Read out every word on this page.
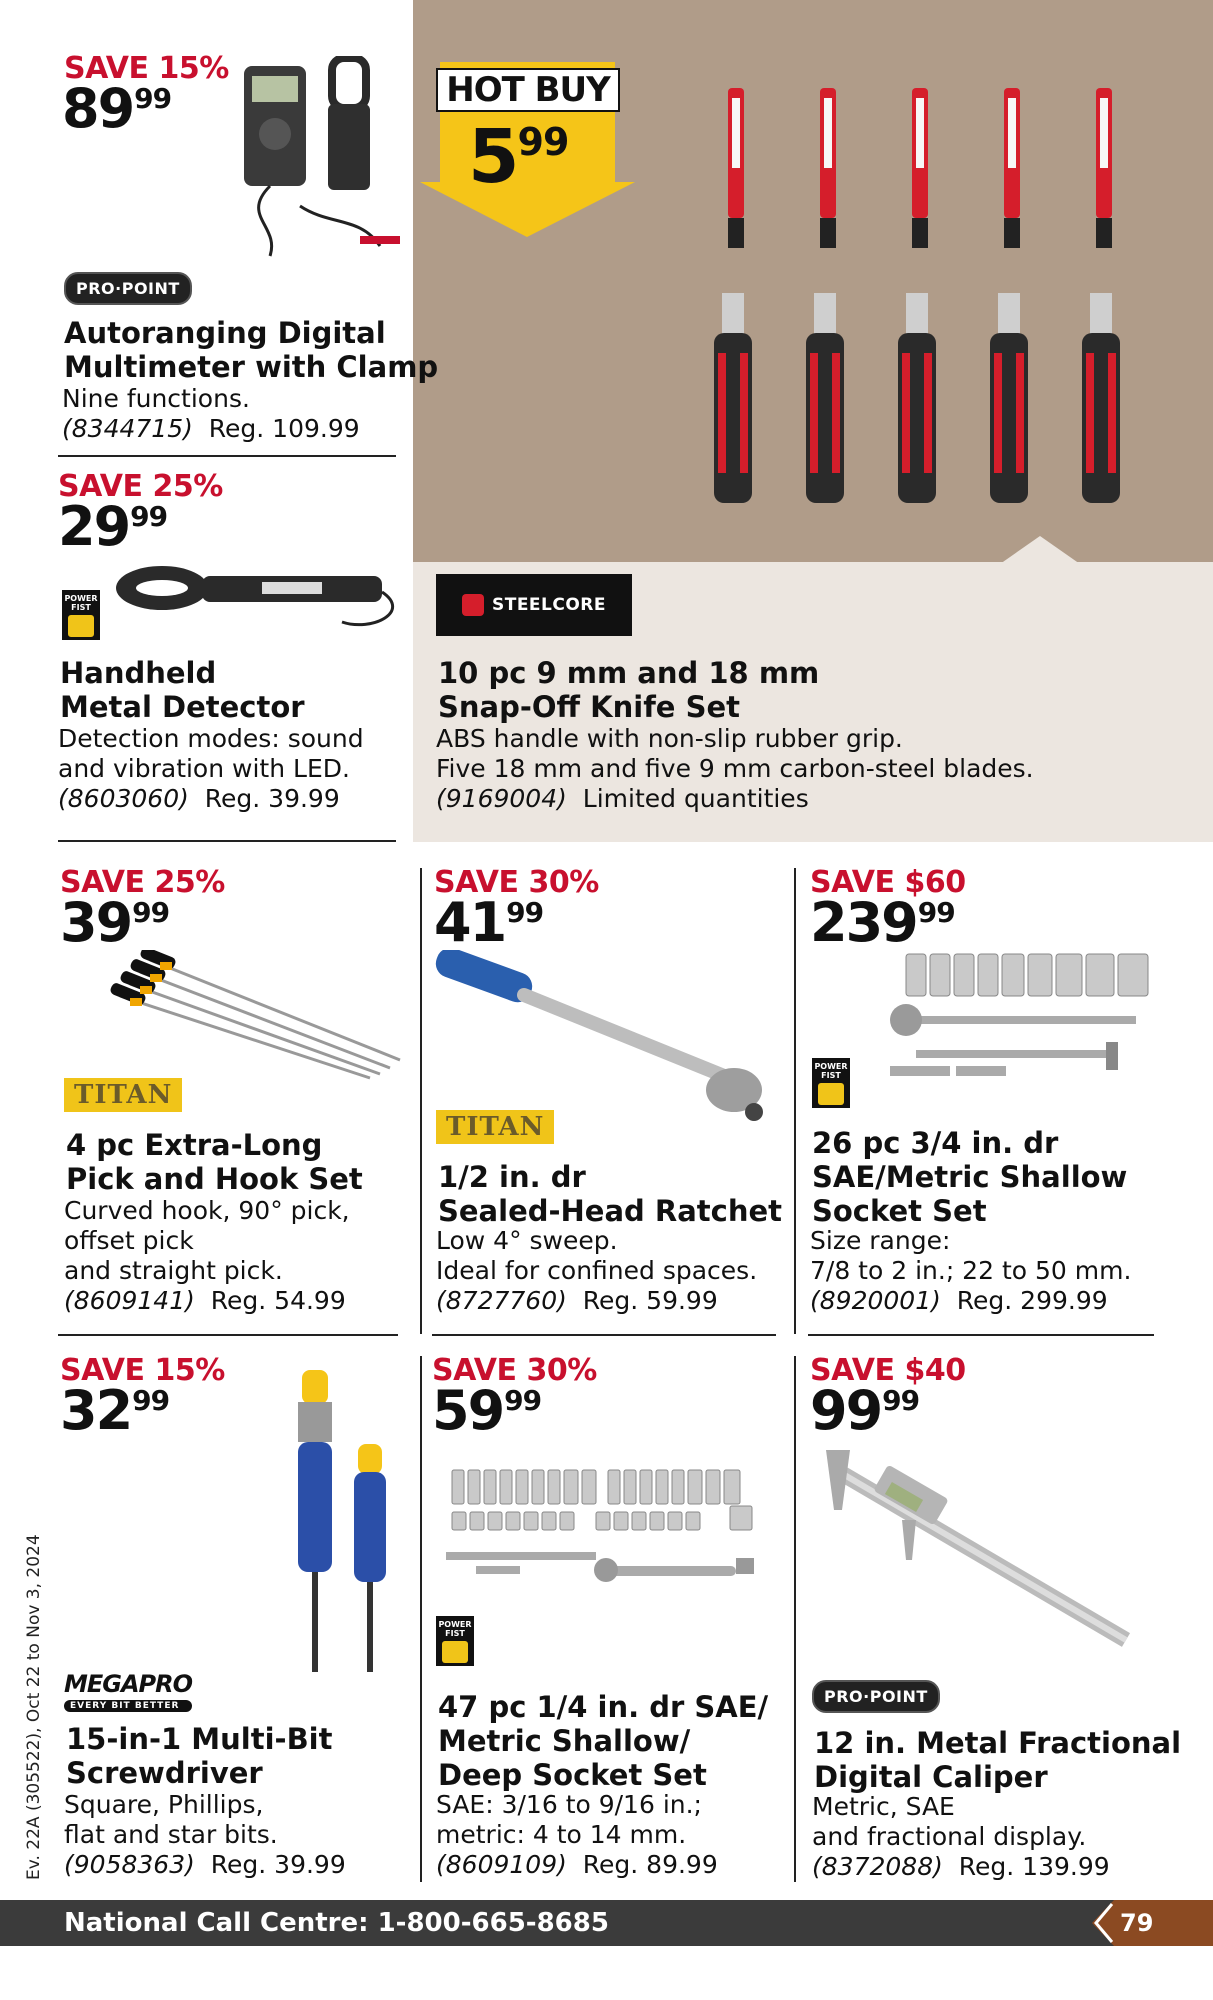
HOT BUY
$5^{99}$
STEELCORE
10 pc 9 mm and 18 mm
Snap-Off Knife Set
ABS handle with non-slip rubber grip.
Five 18 mm and five 9 mm carbon-steel blades.
(9169004) Limited quantities
SAVE 15%
$89^{99}$
PRO·POINT
Autoranging Digital
Multimeter with Clamp
Nine functions.
(8344715) Reg. 109.99
SAVE 25%
$29^{99}$
POWER
FIST
Handheld
Metal Detector
Detection modes: sound
and vibration with LED.
(8603060) Reg. 39.99
SAVE 25%
$39^{99}$
TITAN
4 pc Extra-Long
Pick and Hook Set
Curved hook, 90° pick,
offset pick
and straight pick.
(8609141) Reg. 54.99
SAVE 30%
$41^{99}$
TITAN
1/2 in. dr
Sealed-Head Ratchet
Low 4° sweep.
Ideal for confined spaces.
(8727760) Reg. 59.99
SAVE $60
$239^{99}$
POWER
FIST
26 pc 3/4 in. dr
SAE/Metric Shallow
Socket Set
Size range:
7/8 to 2 in.; 22 to 50 mm.
(8920001) Reg. 299.99
SAVE 15%
$32^{99}$
MEGAPRO
EVERY BIT BETTER
15-in-1 Multi-Bit
Screwdriver
Square, Phillips,
flat and star bits.
(9058363) Reg. 39.99
SAVE 30%
$59^{99}$
POWER
FIST
47 pc 1/4 in. dr SAE/
Metric Shallow/
Deep Socket Set
SAE: 3/16 to 9/16 in.;
metric: 4 to 14 mm.
(8609109) Reg. 89.99
SAVE $40
$99^{99}$
PRO·POINT
12 in. Metal Fractional
Digital Caliper
Metric, SAE
and fractional display.
(8372088) Reg. 139.99
Ev. 22A (305522), Oct 22 to Nov 3, 2024
National Call Centre: 1-800-665-8685	79
